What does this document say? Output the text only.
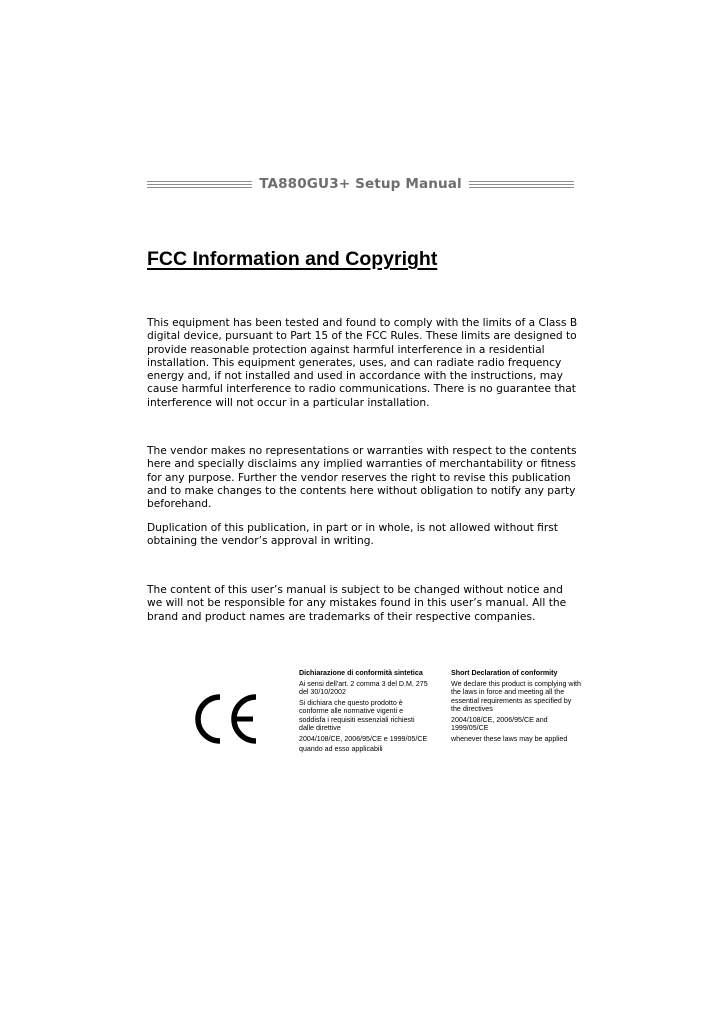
TA880GU3+ Setup Manual
FCC Information and Copyright

This equipment has been tested and found to comply with the limits of a Class B digital device, pursuant to Part 15 of the FCC Rules. These limits are designed to provide reasonable protection against harmful interference in a residential installation. This equipment generates, uses, and can radiate radio frequency energy and, if not installed and used in accordance with the instructions, may cause harmful interference to radio communications. There is no guarantee that interference will not occur in a particular installation.

The vendor makes no representations or warranties with respect to the contents here and specially disclaims any implied warranties of merchantability or fitness for any purpose. Further the vendor reserves the right to revise this publication and to make changes to the contents here without obligation to notify any party beforehand.

Duplication of this publication, in part or in whole, is not allowed without first obtaining the vendor’s approval in writing.

The content of this user’s manual is subject to be changed without notice and we will not be responsible for any mistakes found in this user’s manual. All the brand and product names are trademarks of their respective companies.

Dichiarazione di conformità sintetica

Ai sensi dell'art. 2 comma 3 del D.M. 275 del 30/10/2002

Si dichiara che questo prodotto è conforme alle normative vigenti e soddisfa i requisiti essenziali richiesti dalle direttive

2004/108/CE, 2006/95/CE e 1999/05/CE

quando ad esso applicabili

Short Declaration of conformity

We declare this product is complying with the laws in force and meeting all the essential requirements as specified by the directives

2004/108/CE, 2006/95/CE and 1999/05/CE

whenever these laws may be applied
